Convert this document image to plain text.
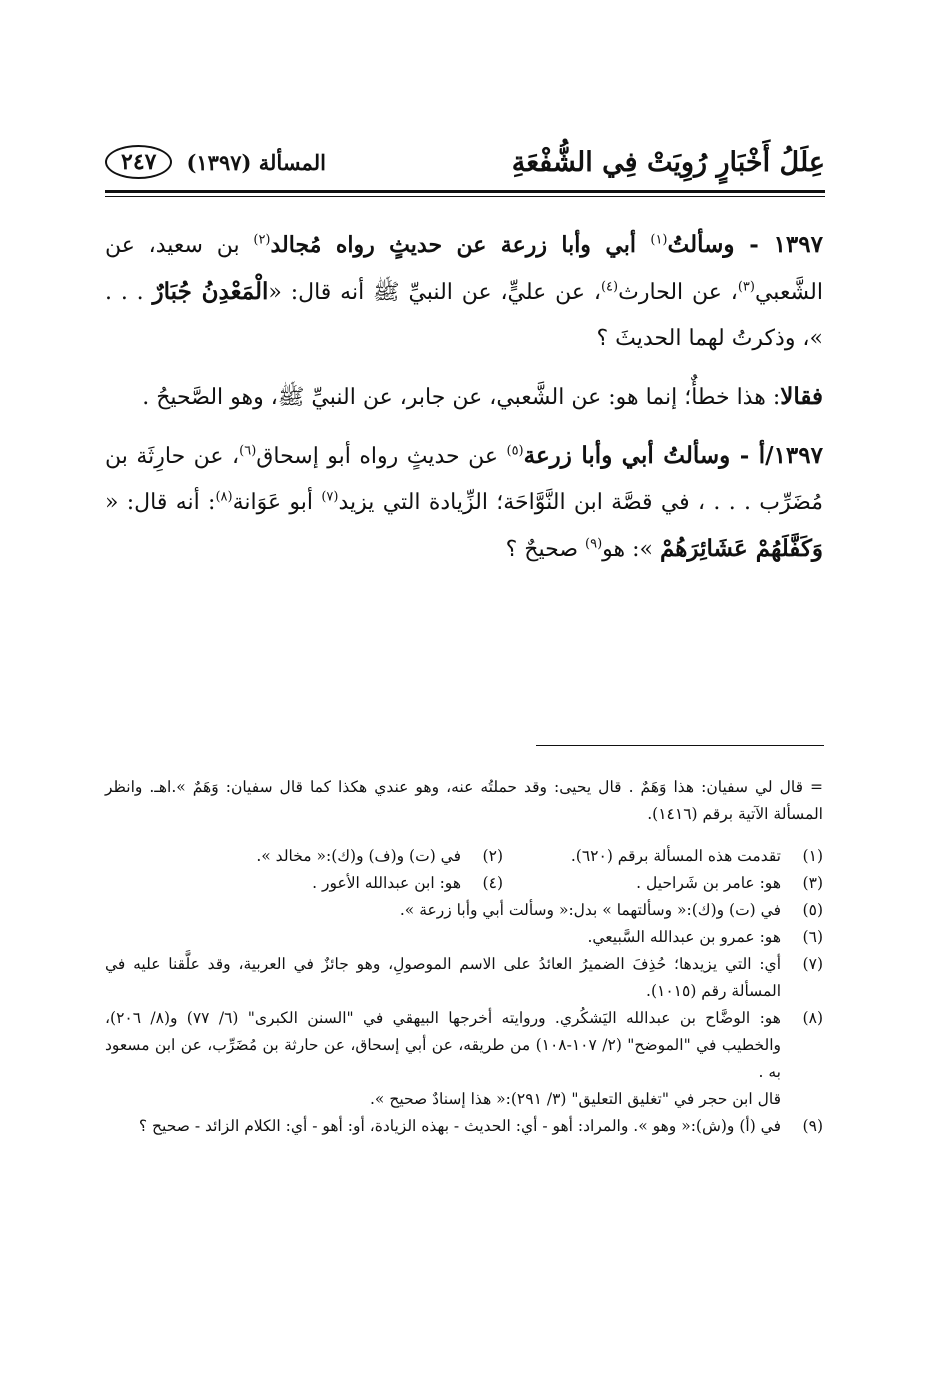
عِلَلُ أَخْبَارٍ رُوِيَتْ فِي الشُّفْعَةِ
المسألة (١٣٩٧)
٢٤٧

١٣٩٧ - وسألتُ$^{(١)}$ أبي وأبا زرعة عن حديثٍ رواه مُجالد$^{(٢)}$ بن سعيد، عن الشَّعبي$^{(٣)}$، عن الحارث$^{(٤)}$، عن عليٍّ، عن النبيِّ ﷺ أنه قال: «الْمَعْدِنُ جُبَارٌ . . . »، وذكرتُ لهما الحديثَ ؟

فقالا: هذا خطأٌ؛ إنما هو: عن الشَّعبي، عن جابر، عن النبيِّ ﷺ، وهو الصَّحيحُ .

١٣٩٧/أ - وسألتُ أبي وأبا زرعة$^{(٥)}$ عن حديثٍ رواه أبو إسحاق$^{(٦)}$، عن حارِثَة بن مُضَرِّب . . . ، في قصَّة ابن النَّوَّاحَة؛ الزِّيادة التي يزيد$^{(٧)}$ أبو عَوَانة$^{(٨)}$: أنه قال: « وَكَفَّلَهُمْ عَشَائِرَهُمْ »: هو$^{(٩)}$ صحيحٌ ؟

= قال لي سفيان: هذا وَهَمٌ . قال يحيى: وقد حملتُه عنه، وهو عندي هكذا كما قال سفيان: وَهَمٌ ».اهـ. وانظر المسألة الآتية برقم (١٤١٦).

(١)
تقدمت هذه المسألة برقم (٦٢٠).
(٢)
في (ت) و(ف) و(ك):« مخالد ».
(٣)
هو: عامر بن شَراحيل .
(٤)
هو: ابن عبدالله الأعور .
(٥)
في (ت) و(ك):« وسألتهما » بدل:« وسألت أبي وأبا زرعة ».
(٦)
هو: عمرو بن عبدالله السَّبيعي.
(٧)
أي: التي يزيدها؛ حُذِفَ الضميرُ العائدُ على الاسم الموصولِ، وهو جائزٌ في العربية، وقد علَّقنا عليه في المسألة رقم (١٠١٥).
(٨)
هو: الوضَّاح بن عبدالله اليَشكُري. وروايته أخرجها البيهقي في "السنن الكبرى" (٦/ ٧٧) و(٨/ ٢٠٦)، والخطيب في "الموضح" (٢/ ١٠٧-١٠٨) من طريقه، عن أبي إسحاق، عن حارثة بن مُضَرِّب، عن ابن مسعود به .
قال ابن حجر في "تغليق التعليق" (٣/ ٢٩١):« هذا إسنادٌ صحيح ».
(٩)
في (أ) و(ش):« وهو ». والمراد: أهو - أي: الحديث - بهذه الزيادة، أو: أهو - أي: الكلام الزائد - صحيح ؟
